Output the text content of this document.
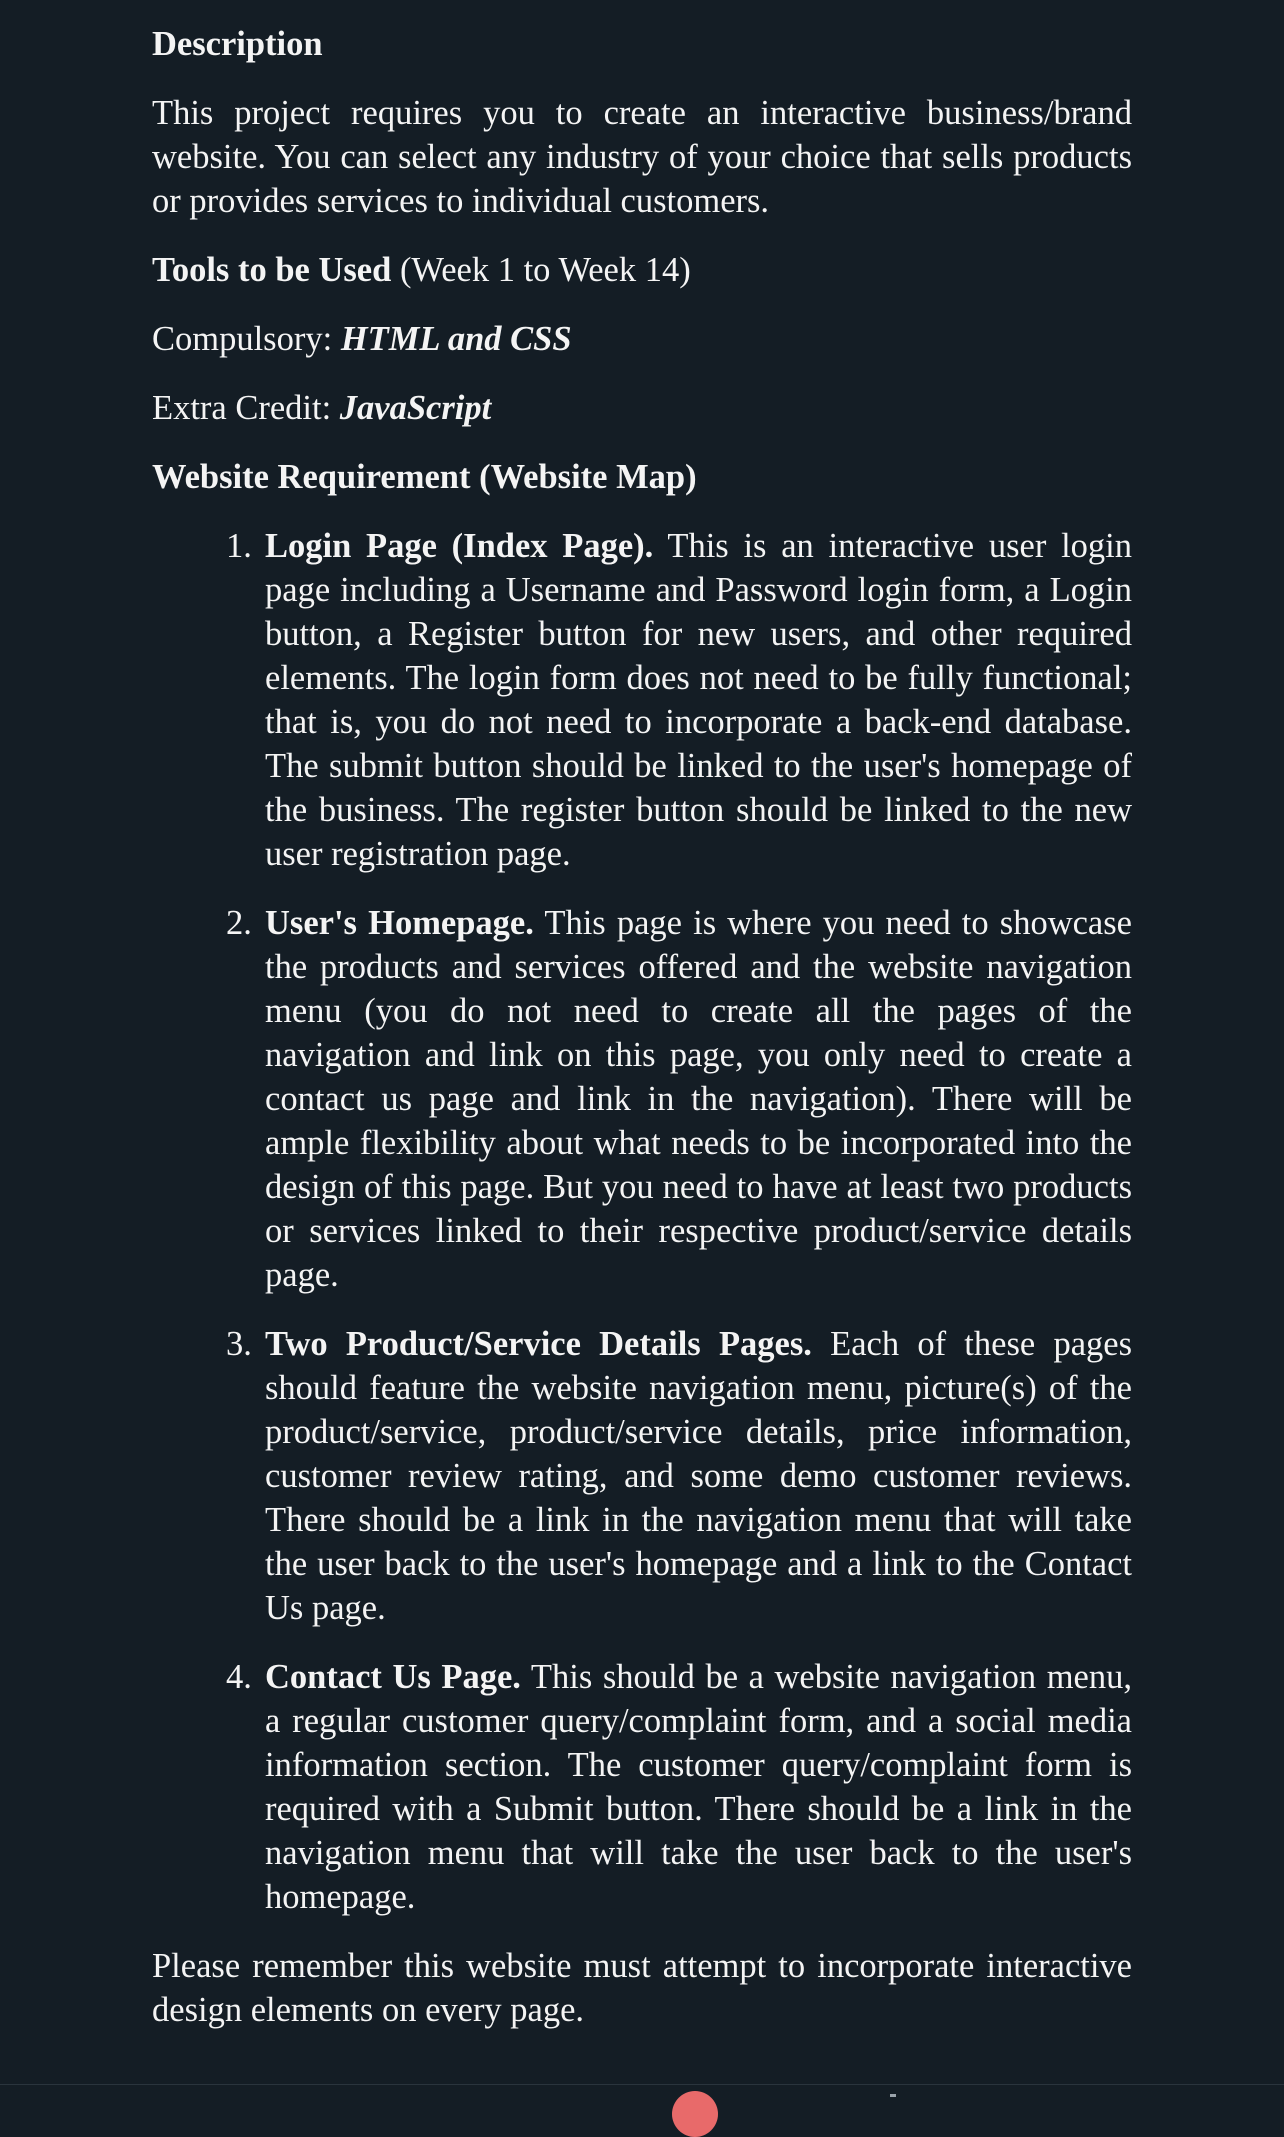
Description
This project requires you to create an interactive business/brand website. You can select any industry of your choice that sells products or provides services to individual customers.
Tools to be Used (Week 1 to Week 14)
Compulsory: HTML and CSS
Extra Credit: JavaScript
Website Requirement (Website Map)
1. Login Page (Index Page). This is an interactive user login page including a Username and Password login form, a Login button, a Register button for new users, and other required elements. The login form does not need to be fully functional; that is, you do not need to incorporate a back-end database. The submit button should be linked to the user's homepage of the business. The register button should be linked to the new user registration page.
2. User's Homepage. This page is where you need to showcase the products and services offered and the website navigation menu (you do not need to create all the pages of the navigation and link on this page, you only need to create a contact us page and link in the navigation). There will be ample flexibility about what needs to be incorporated into the design of this page. But you need to have at least two products or services linked to their respective product/service details page.
3. Two Product/Service Details Pages. Each of these pages should feature the website navigation menu, picture(s) of the product/service, product/service details, price information, customer review rating, and some demo customer reviews. There should be a link in the navigation menu that will take the user back to the user's homepage and a link to the Contact Us page.
4. Contact Us Page. This should be a website navigation menu, a regular customer query/complaint form, and a social media information section. The customer query/complaint form is required with a Submit button. There should be a link in the navigation menu that will take the user back to the user's homepage.
Please remember this website must attempt to incorporate interactive design elements on every page.
